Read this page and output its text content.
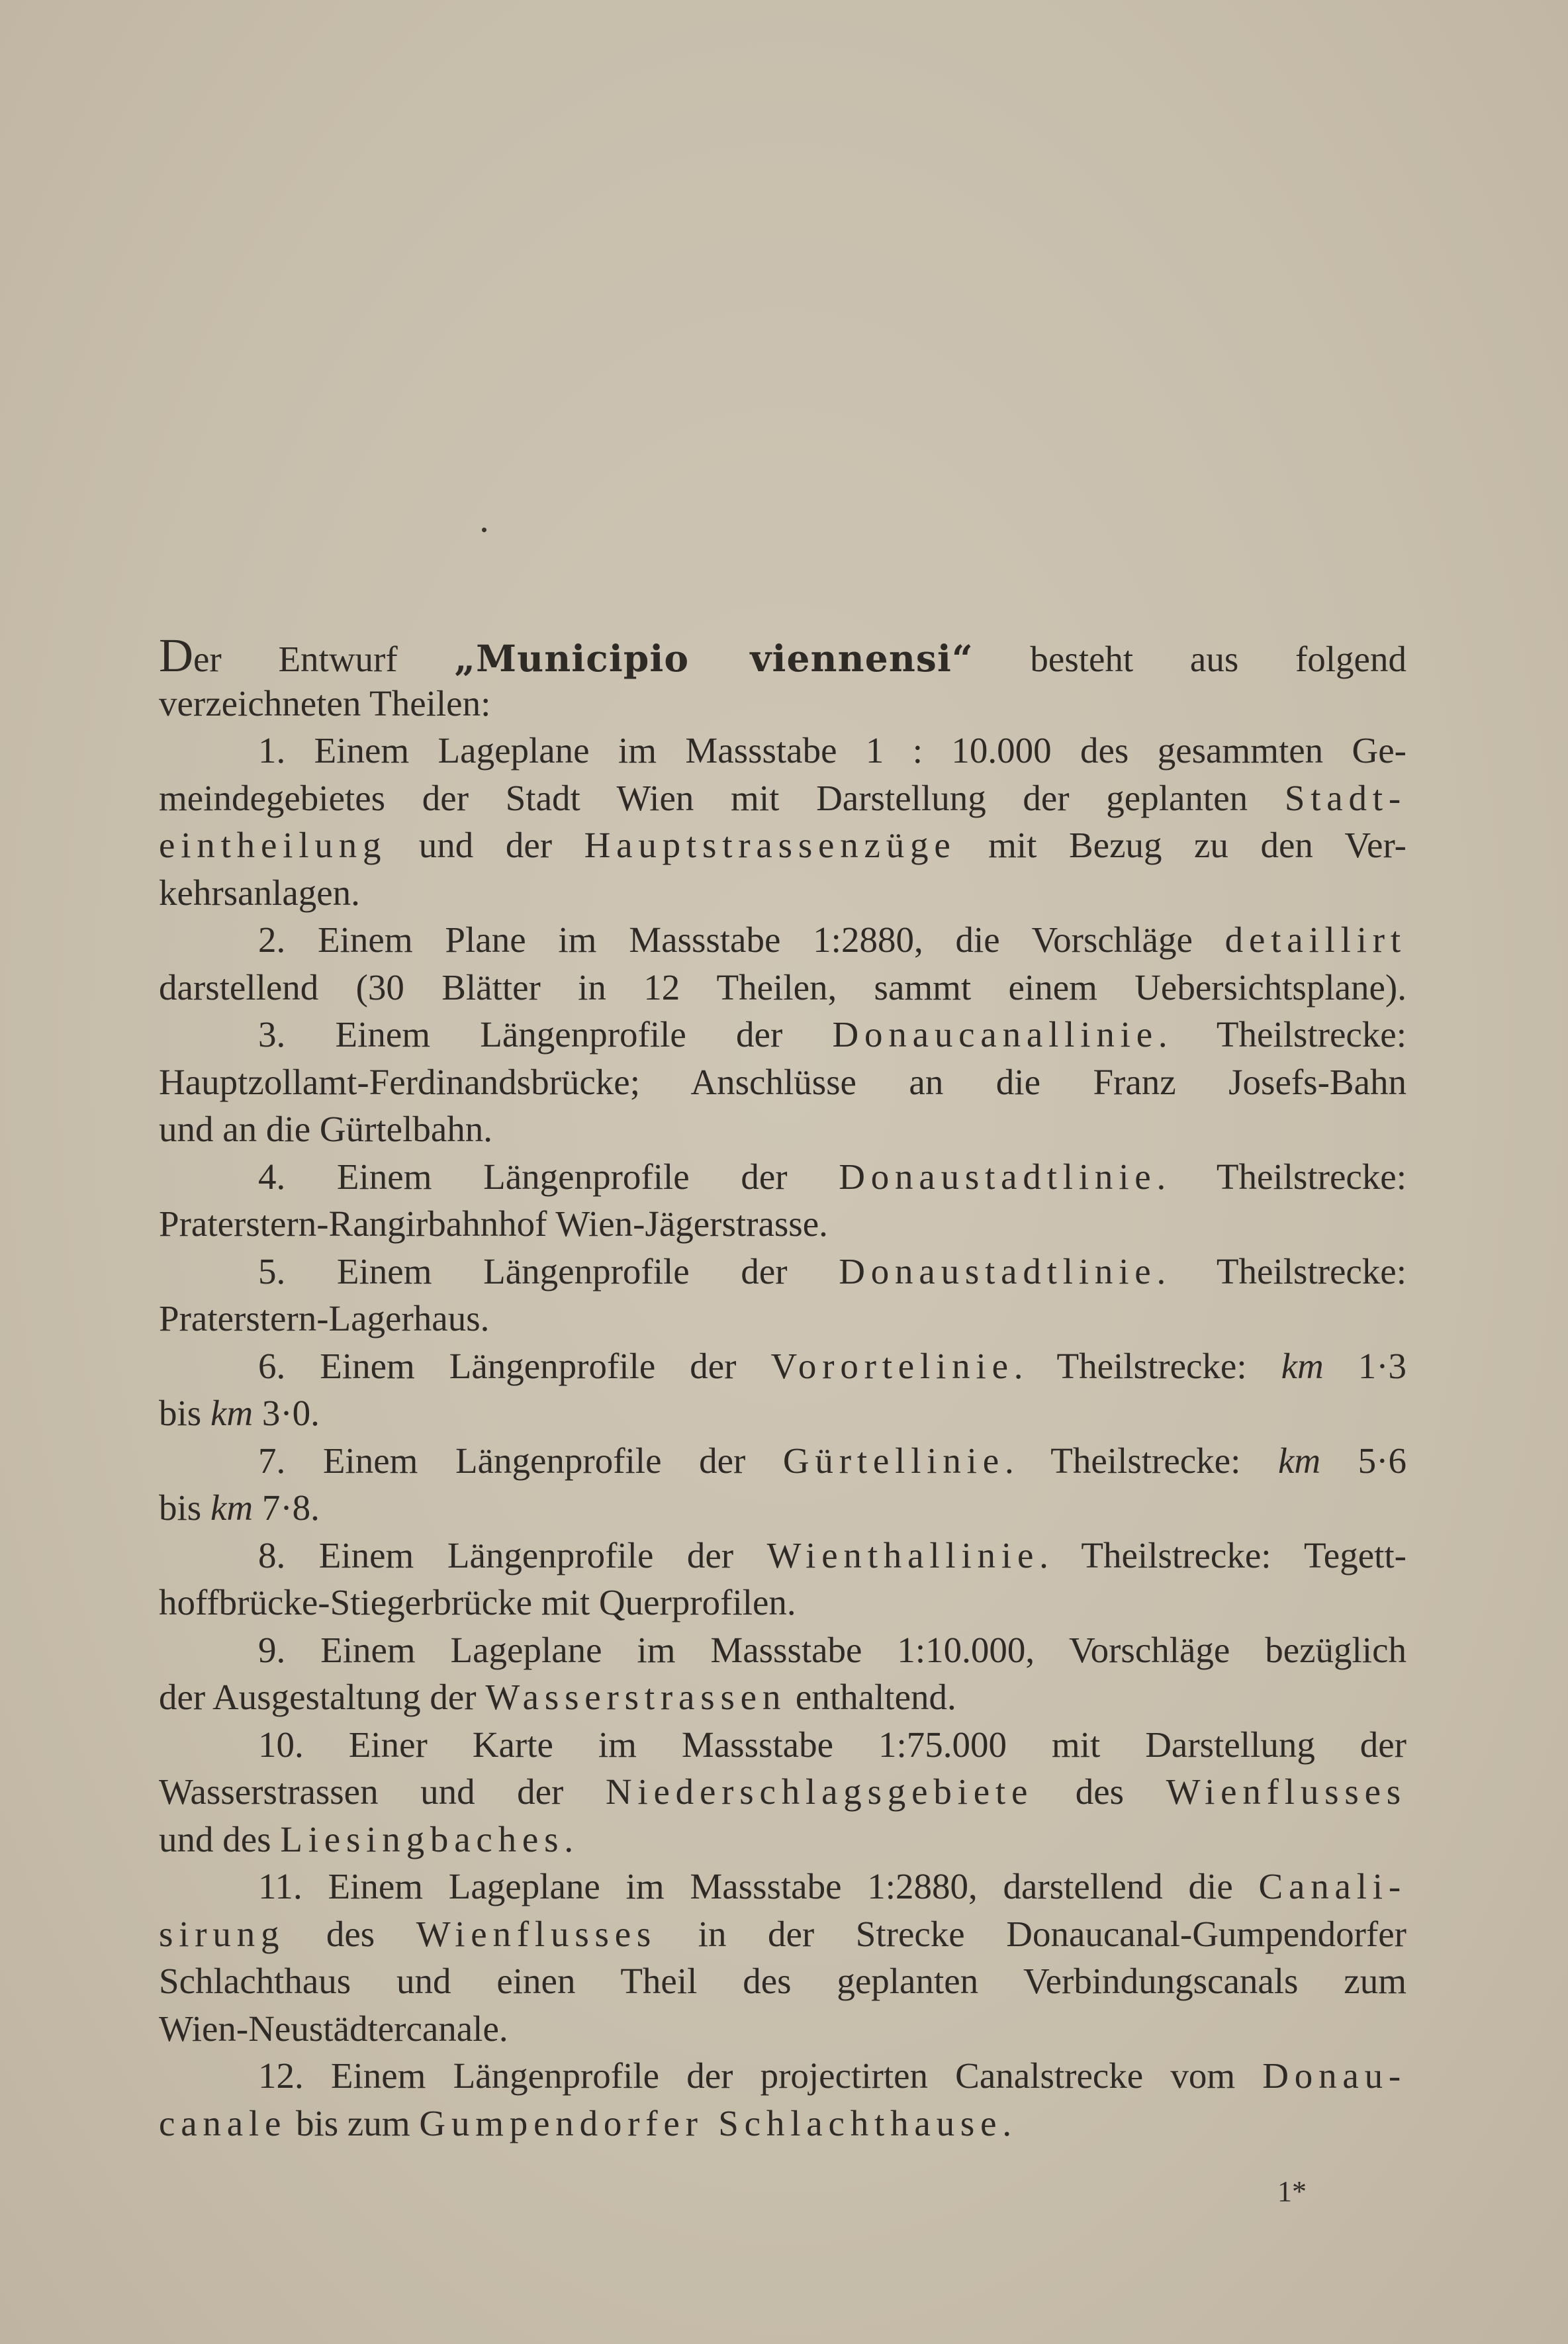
Der Entwurf „Municipio viennensi“ besteht aus folgend
verzeichneten Theilen:
1. Einem Lageplane im Massstabe 1 : 10.000 des gesammten Ge-
meindegebietes der Stadt Wien mit Darstellung der geplanten Stadt-
eintheilung und der Hauptstrassenzüge mit Bezug zu den Ver-
kehrsanlagen.
2. Einem Plane im Massstabe 1:2880, die Vorschläge detaillirt
darstellend (30 Blätter in 12 Theilen, sammt einem Uebersichtsplane).
3. Einem Längenprofile der Donaucanallinie. Theilstrecke:
Hauptzollamt-Ferdinandsbrücke; Anschlüsse an die Franz Josefs-Bahn
und an die Gürtelbahn.
4. Einem Längenprofile der Donaustadtlinie. Theilstrecke:
Praterstern-Rangirbahnhof Wien-Jägerstrasse.
5. Einem Längenprofile der Donaustadtlinie. Theilstrecke:
Praterstern-Lagerhaus.
6. Einem Längenprofile der Vorortelinie. Theilstrecke: km 1·3
bis km 3·0.
7. Einem Längenprofile der Gürtellinie. Theilstrecke: km 5·6
bis km 7·8.
8. Einem Längenprofile der Wienthallinie. Theilstrecke: Tegett-
hoffbrücke-Stiegerbrücke mit Querprofilen.
9. Einem Lageplane im Massstabe 1:10.000, Vorschläge bezüglich
der Ausgestaltung der Wasserstrassen enthaltend.
10. Einer Karte im Massstabe 1:75.000 mit Darstellung der
Wasserstrassen und der Niederschlagsgebiete des Wienflusses
und des Liesingbaches.
11. Einem Lageplane im Massstabe 1:2880, darstellend die Canali-
sirung des Wienflusses in der Strecke Donaucanal-Gumpendorfer
Schlachthaus und einen Theil des geplanten Verbindungscanals zum
Wien-Neustädtercanale.
12. Einem Längenprofile der projectirten Canalstrecke vom Donau-
canale bis zum Gumpendorfer Schlachthause.
1*
